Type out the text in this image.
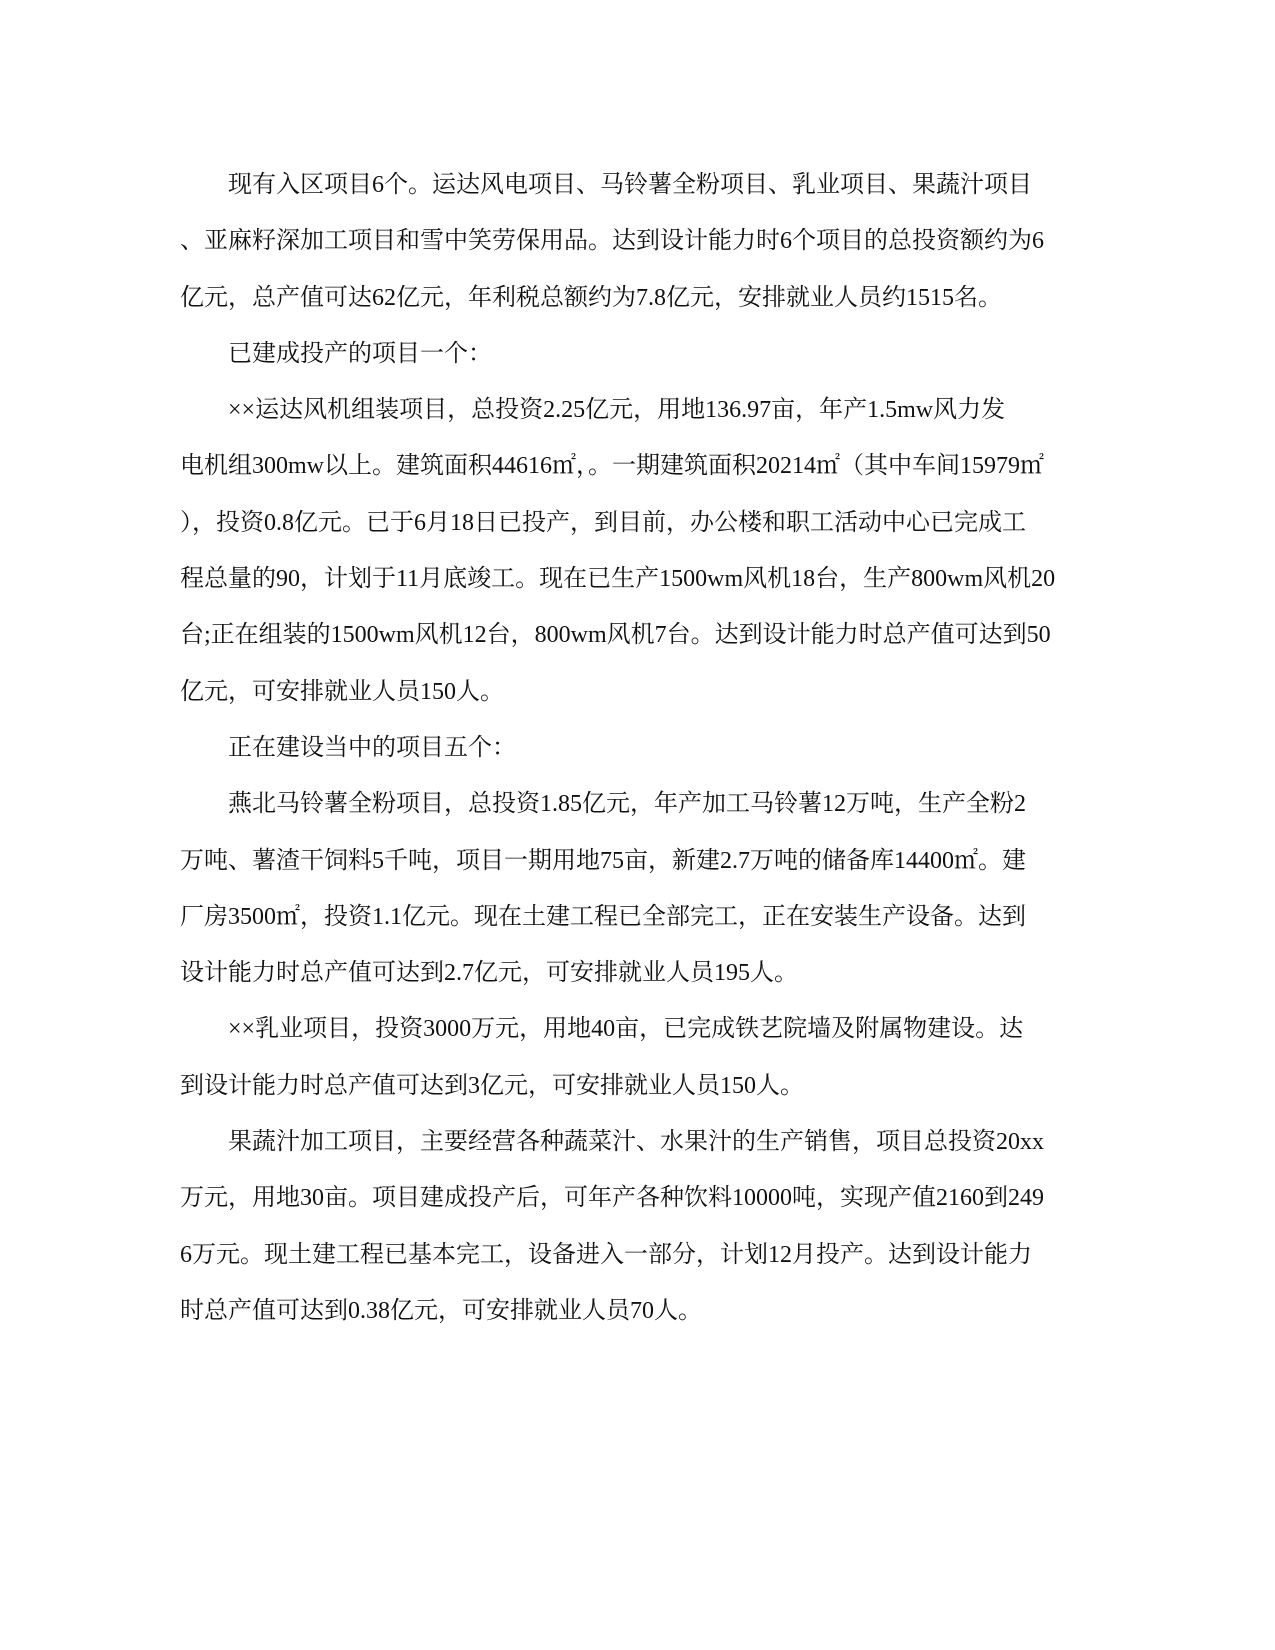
现有入区项目6个。运达风电项目、马铃薯全粉项目、乳业项目、果蔬汁项目
、亚麻籽深加工项目和雪中笑劳保用品。达到设计能力时6个项目的总投资额约为6
亿元，总产值可达62亿元，年利税总额约为7.8亿元，安排就业人员约1515名。
已建成投产的项目一个：
××运达风机组装项目，总投资2.25亿元，用地136.97亩，年产1.5mw风力发
电机组300mw以上。建筑面积44616㎡，。一期建筑面积20214㎡（其中车间15979㎡
），投资0.8亿元。已于6月18日已投产，到目前，办公楼和职工活动中心已完成工
程总量的90，计划于11月底竣工。现在已生产1500wm风机18台，生产800wm风机20
台;正在组装的1500wm风机12台，800wm风机7台。达到设计能力时总产值可达到50
亿元，可安排就业人员150人。
正在建设当中的项目五个：
燕北马铃薯全粉项目，总投资1.85亿元，年产加工马铃薯12万吨，生产全粉2
万吨、薯渣干饲料5千吨，项目一期用地75亩，新建2.7万吨的储备库14400㎡。建
厂房3500㎡，投资1.1亿元。现在土建工程已全部完工，正在安装生产设备。达到
设计能力时总产值可达到2.7亿元，可安排就业人员195人。
××乳业项目，投资3000万元，用地40亩，已完成铁艺院墙及附属物建设。达
到设计能力时总产值可达到3亿元，可安排就业人员150人。
果蔬汁加工项目，主要经营各种蔬菜汁、水果汁的生产销售，项目总投资20xx
万元，用地30亩。项目建成投产后，可年产各种饮料10000吨，实现产值2160到249
6万元。现土建工程已基本完工，设备进入一部分，计划12月投产。达到设计能力
时总产值可达到0.38亿元，可安排就业人员70人。
